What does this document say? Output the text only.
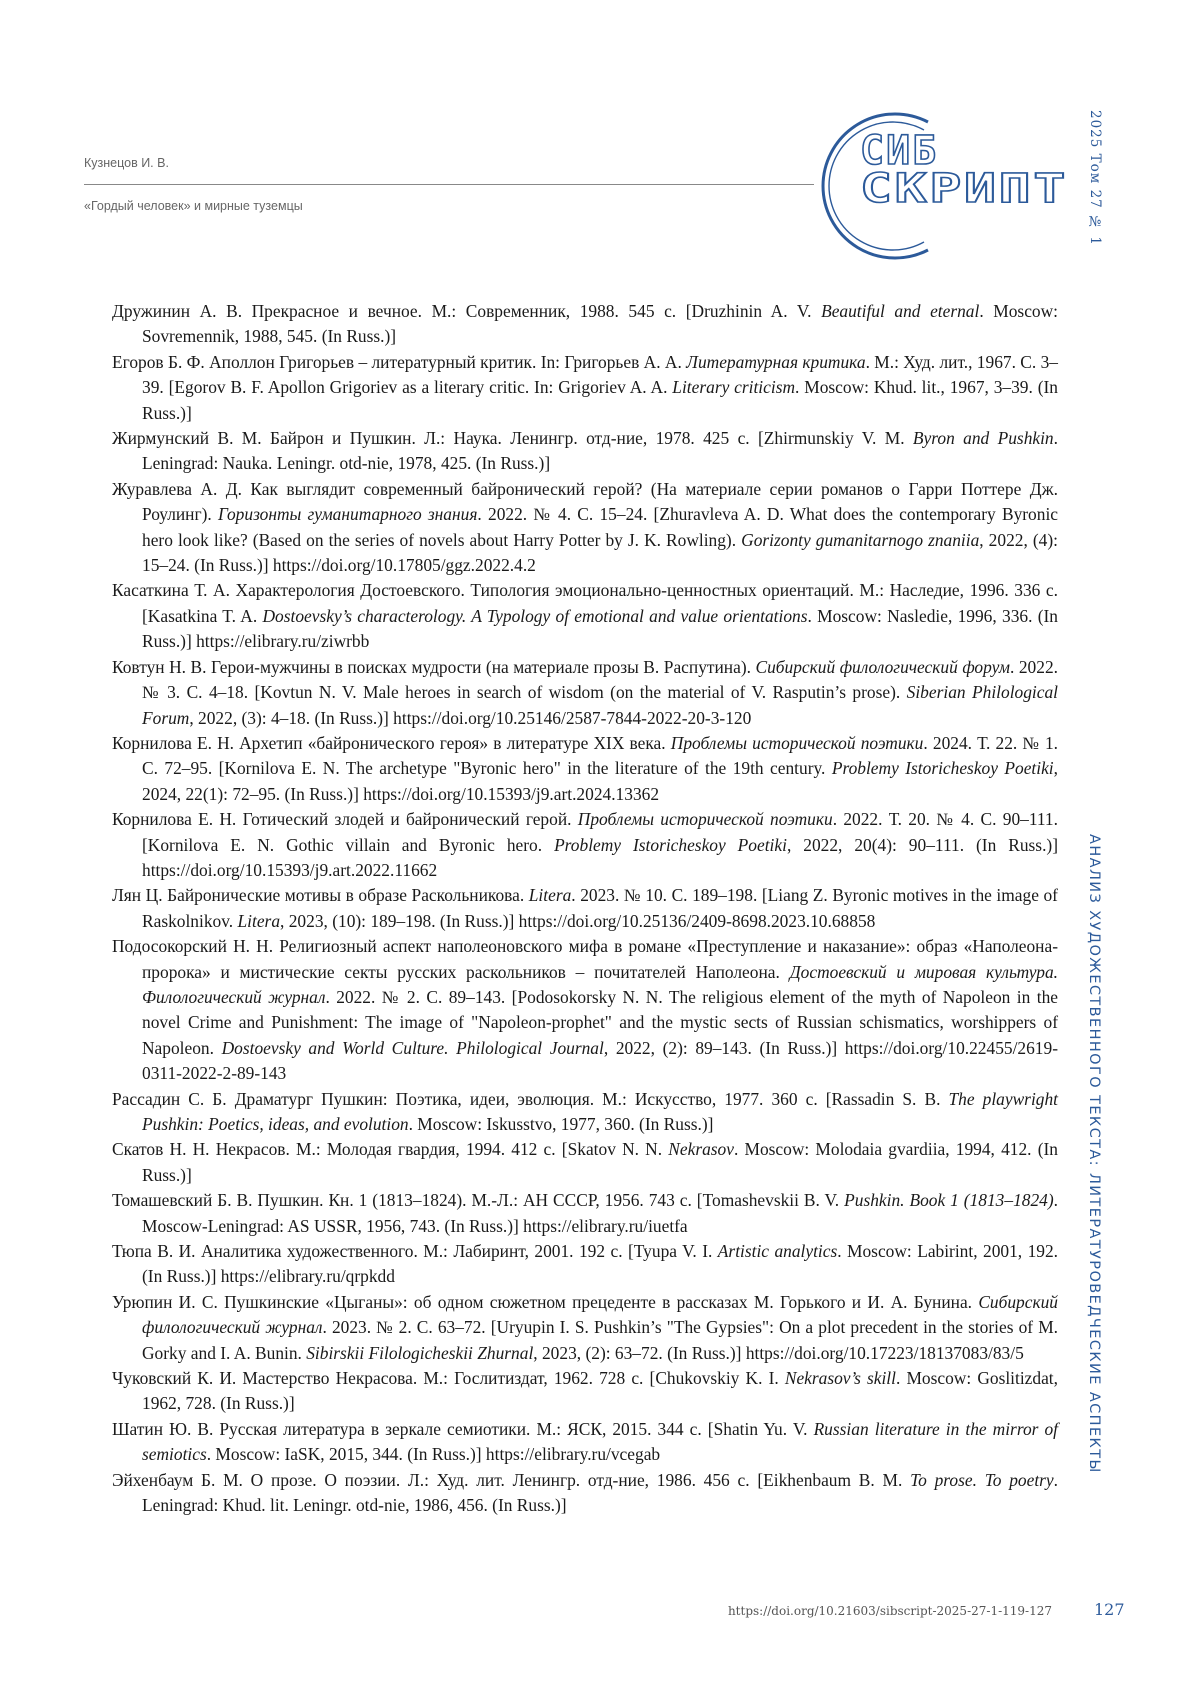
Кузнецов И. В.
«Гордый человек» и мирные туземцы
СИБ
СКРИПТ 2025 Том 27 № 1
АНАЛИЗ ХУДОЖЕСТВЕННОГО ТЕКСТА: ЛИТЕРАТУРОВЕДЧЕСКИЕ АСПЕКТЫ

Дружинин А. В. Прекрасное и вечное. М.: Современник, 1988. 545 с. [Druzhinin A. V. Beautiful and eternal. Moscow: Sovremennik, 1988, 545. (In Russ.)]

Егоров Б. Ф. Аполлон Григорьев – литературный критик. In: Григорьев А. А. Литературная критика. М.: Худ. лит., 1967. С. 3–39. [Egorov B. F. Apollon Grigoriev as a literary critic. In: Grigoriev A. A. Literary criticism. Moscow: Khud. lit., 1967, 3–39. (In Russ.)]

Жирмунский В. М. Байрон и Пушкин. Л.: Наука. Ленингр. отд-ние, 1978. 425 с. [Zhirmunskiy V. M. Byron and Pushkin. Leningrad: Nauka. Leningr. otd-nie, 1978, 425. (In Russ.)]

Журавлева А. Д. Как выглядит современный байронический герой? (На материале серии романов о Гарри Поттере Дж. Роулинг). Горизонты гуманитарного знания. 2022. № 4. С. 15–24. [Zhuravleva A. D. What does the contemporary Byronic hero look like? (Based on the series of novels about Harry Potter by J. K. Rowling). Gorizonty gumanitarnogo znaniia, 2022, (4): 15–24. (In Russ.)] https://doi.org/10.17805/ggz.2022.4.2

Касаткина Т. А. Характерология Достоевского. Типология эмоционально-ценностных ориентаций. М.: Наследие, 1996. 336 с. [Kasatkina T. A. Dostoevsky’s characterology. A Typology of emotional and value orientations. Moscow: Nasledie, 1996, 336. (In Russ.)] https://elibrary.ru/ziwrbb

Ковтун Н. В. Герои-мужчины в поисках мудрости (на материале прозы В. Распутина). Сибирский филологический форум. 2022. № 3. С. 4–18. [Kovtun N. V. Male heroes in search of wisdom (on the material of V. Rasputin’s prose). Siberian Philological Forum, 2022, (3): 4–18. (In Russ.)] https://doi.org/10.25146/2587-7844-2022-20-3-120

Корнилова Е. Н. Архетип «байронического героя» в литературе XIX века. Проблемы исторической поэтики. 2024. Т. 22. № 1. С. 72–95. [Kornilova E. N. The archetype "Byronic hero" in the literature of the 19th century. Problemy Istoricheskoy Poetiki, 2024, 22(1): 72–95. (In Russ.)] https://doi.org/10.15393/j9.art.2024.13362

Корнилова Е. Н. Готический злодей и байронический герой. Проблемы исторической поэтики. 2022. Т. 20. № 4. С. 90–111. [Kornilova E. N. Gothic villain and Byronic hero. Problemy Istoricheskoy Poetiki, 2022, 20(4): 90–111. (In Russ.)] https://doi.org/10.15393/j9.art.2022.11662

Лян Ц. Байронические мотивы в образе Раскольникова. Litera. 2023. № 10. С. 189–198. [Liang Z. Byronic motives in the image of Raskolnikov. Litera, 2023, (10): 189–198. (In Russ.)] https://doi.org/10.25136/2409-8698.2023.10.68858

Подосокорский Н. Н. Религиозный аспект наполеоновского мифа в романе «Преступление и наказание»: образ «Наполеона-пророка» и мистические секты русских раскольников – почитателей Наполеона. Достоевский и мировая культура. Филологический журнал. 2022. № 2. С. 89–143. [Podosokorsky N. N. The religious element of the myth of Napoleon in the novel Crime and Punishment: The image of "Napoleon-prophet" and the mystic sects of Russian schismatics, worshippers of Napoleon. Dostoevsky and World Culture. Philological Journal, 2022, (2): 89–143. (In Russ.)] https://doi.org/10.22455/2619-0311-2022-2-89-143

Рассадин С. Б. Драматург Пушкин: Поэтика, идеи, эволюция. М.: Искусство, 1977. 360 с. [Rassadin S. B. The playwright Pushkin: Poetics, ideas, and evolution. Moscow: Iskusstvo, 1977, 360. (In Russ.)]

Скатов Н. Н. Некрасов. М.: Молодая гвардия, 1994. 412 с. [Skatov N. N. Nekrasov. Moscow: Molodaia gvardiia, 1994, 412. (In Russ.)]

Томашевский Б. В. Пушкин. Кн. 1 (1813–1824). М.-Л.: АН СССР, 1956. 743 с. [Tomashevskii B. V. Pushkin. Book 1 (1813–1824). Moscow-Leningrad: AS USSR, 1956, 743. (In Russ.)] https://elibrary.ru/iuetfa

Тюпа В. И. Аналитика художественного. М.: Лабиринт, 2001. 192 с. [Tyupa V. I. Artistic analytics. Moscow: Labirint, 2001, 192. (In Russ.)] https://elibrary.ru/qrpkdd

Урюпин И. С. Пушкинские «Цыганы»: об одном сюжетном прецеденте в рассказах М. Горького и И. А. Бунина. Сибирский филологический журнал. 2023. № 2. С. 63–72. [Uryupin I. S. Pushkin’s "The Gypsies": On a plot precedent in the stories of M. Gorky and I. A. Bunin. Sibirskii Filologicheskii Zhurnal, 2023, (2): 63–72. (In Russ.)] https://doi.org/10.17223/18137083/83/5

Чуковский К. И. Мастерство Некрасова. М.: Гослитиздат, 1962. 728 с. [Chukovskiy K. I. Nekrasov’s skill. Moscow: Goslitizdat, 1962, 728. (In Russ.)]

Шатин Ю. В. Русская литература в зеркале семиотики. М.: ЯСК, 2015. 344 с. [Shatin Yu. V. Russian literature in the mirror of semiotics. Moscow: IaSK, 2015, 344. (In Russ.)] https://elibrary.ru/vcegab

Эйхенбаум Б. М. О прозе. О поэзии. Л.: Худ. лит. Ленингр. отд-ние, 1986. 456 с. [Eikhenbaum B. M. To prose. To poetry. Leningrad: Khud. lit. Leningr. otd-nie, 1986, 456. (In Russ.)]

https://doi.org/10.21603/sibscript-2025-27-1-119-127	127
